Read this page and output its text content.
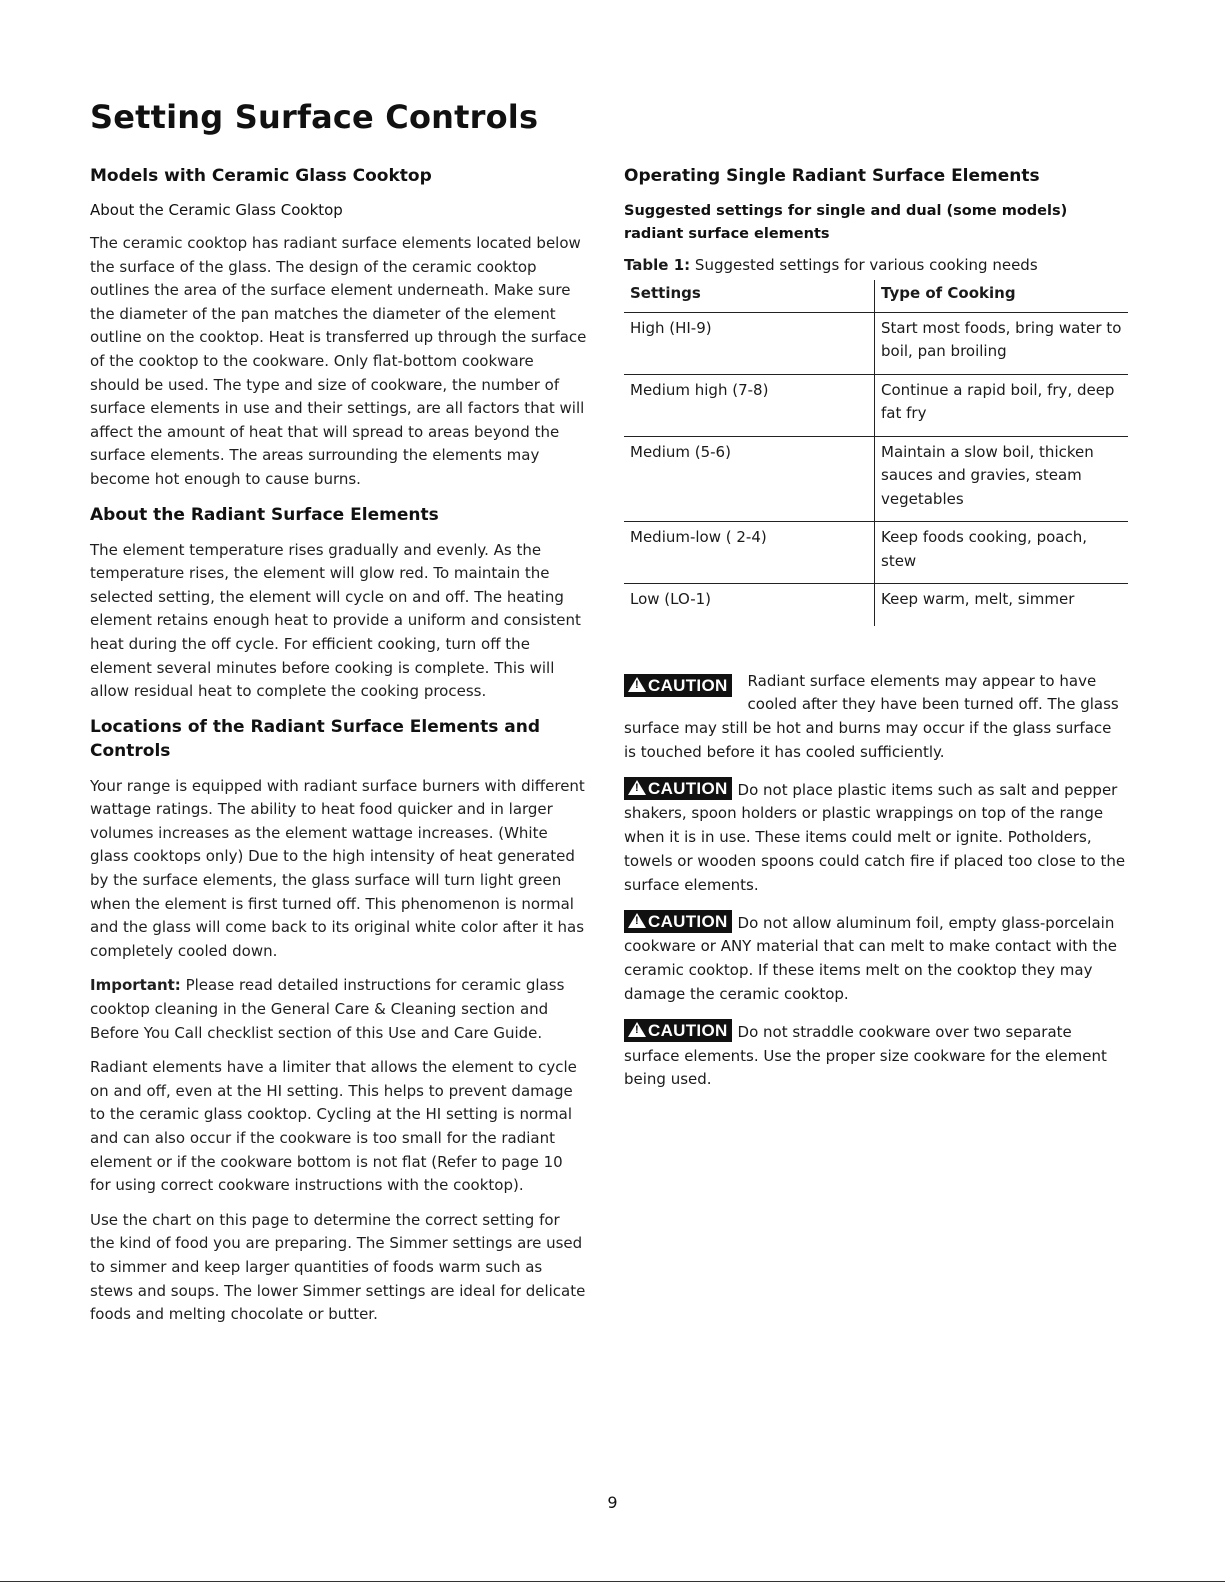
Setting Surface Controls
Models with Ceramic Glass Cooktop
About the Ceramic Glass Cooktop

The ceramic cooktop has radiant surface elements located below the surface of the glass. The design of the ceramic cooktop outlines the area of the surface element underneath. Make sure the diameter of the pan matches the diameter of the element outline on the cooktop. Heat is transferred up through the surface of the cooktop to the cookware. Only flat-bottom cookware should be used. The type and size of cookware, the number of surface elements in use and their settings, are all factors that will affect the amount of heat that will spread to areas beyond the surface elements. The areas surrounding the elements may become hot enough to cause burns.

About the Radiant Surface Elements

The element temperature rises gradually and evenly. As the temperature rises, the element will glow red. To maintain the selected setting, the element will cycle on and off. The heating element retains enough heat to provide a uniform and consistent heat during the off cycle. For efficient cooking, turn off the element several minutes before cooking is complete. This will allow residual heat to complete the cooking process.

Locations of the Radiant Surface Elements and Controls

Your range is equipped with radiant surface burners with different wattage ratings. The ability to heat food quicker and in larger volumes increases as the element wattage increases. (White glass cooktops only) Due to the high intensity of heat generated by the surface elements, the glass surface will turn light green when the element is first turned off. This phenomenon is normal and the glass will come back to its original white color after it has completely cooled down.

Important: Please read detailed instructions for ceramic glass cooktop cleaning in the General Care & Cleaning section and Before You Call checklist section of this Use and Care Guide.

Radiant elements have a limiter that allows the element to cycle on and off, even at the HI setting. This helps to prevent damage to the ceramic glass cooktop. Cycling at the HI setting is normal and can also occur if the cookware is too small for the radiant element or if the cookware bottom is not flat (Refer to page 10 for using correct cookware instructions with the cooktop).

Use the chart on this page to determine the correct setting for the kind of food you are preparing. The Simmer settings are used to simmer and keep larger quantities of foods warm such as stews and soups. The lower Simmer settings are ideal for delicate foods and melting chocolate or butter.

Operating Single Radiant Surface Elements
Suggested settings for single and dual (some models) radiant surface elements
Table 1: Suggested settings for various cooking needs
Settings	Type of Cooking
High (HI-9)	Start most foods, bring water to boil, pan broiling
Medium high (7-8)	Continue a rapid boil, fry, deep fat fry
Medium (5-6)	Maintain a slow boil, thicken sauces and gravies, steam vegetables
Medium-low ( 2-4)	Keep foods cooking, poach, stew
Low (LO-1)	Keep warm, melt, simmer
!CAUTION Radiant surface elements may appear to have cooled after they have been turned off. The glass surface may still be hot and burns may occur if the glass surface is touched before it has cooled sufficiently.
!CAUTION Do not place plastic items such as salt and pepper shakers, spoon holders or plastic wrappings on top of the range when it is in use. These items could melt or ignite. Potholders, towels or wooden spoons could catch fire if placed too close to the surface elements.
!CAUTION Do not allow aluminum foil, empty glass-porcelain cookware or ANY material that can melt to make contact with the ceramic cooktop. If these items melt on the cooktop they may damage the ceramic cooktop.
!CAUTION Do not straddle cookware over two separate surface elements. Use the proper size cookware for the element being used.
9
